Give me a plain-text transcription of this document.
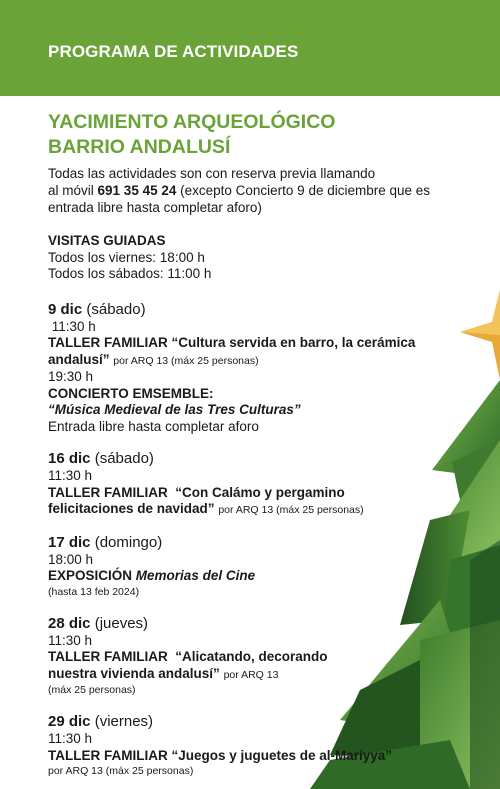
PROGRAMA DE ACTIVIDADES
YACIMIENTO ARQUEOLÓGICO
BARRIO ANDALUSÍ
Todas las actividades son con reserva previa llamando
al móvil 691 35 45 24 (excepto Concierto 9 de diciembre que es
entrada libre hasta completar aforo)
VISITAS GUIADAS
Todos los viernes: 18:00 h
Todos los sábados: 11:00 h
9 dic (sábado)
11:30 h
TALLER FAMILIAR “Cultura servida en barro, la cerámica
andalusí” por ARQ 13 (máx 25 personas)
19:30 h
CONCIERTO EMSEMBLE:
“Música Medieval de las Tres Culturas”
Entrada libre hasta completar aforo
16 dic (sábado)
11:30 h
TALLER FAMILIAR  “Con Calámo y pergamino
felicitaciones de navidad” por ARQ 13 (máx 25 personas)
17 dic (domingo)
18:00 h
EXPOSICIÓN Memorias del Cine
(hasta 13 feb 2024)
28 dic (jueves)
11:30 h
TALLER FAMILIAR  “Alicatando, decorando
nuestra vivienda andalusí” por ARQ 13
(máx 25 personas)
29 dic (viernes)
11:30 h
TALLER FAMILIAR “Juegos y juguetes de al-Mariyya”
por ARQ 13 (máx 25 personas)
